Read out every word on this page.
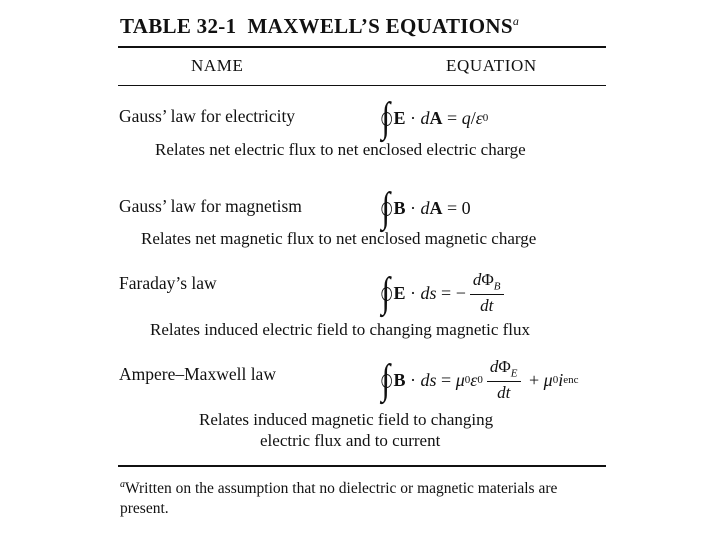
TABLE 32-1 MAXWELL’S EQUATIONS$^a$
NAME	EQUATION
Gauss’ law for electricity ∫ E · d A = q / ε 0
Relates net electric flux to net enclosed electric charge
Gauss’ law for magnetism ∫ B · d A = 0
Relates net magnetic flux to net enclosed magnetic charge
Faraday’s law	∫ E · ds = − $\frac{d\Phi_B}{dt}$
Relates induced electric field to changing magnetic flux
Ampere–Maxwell law	∫ B · ds = μ 0 ε $0 \frac{d\Phi_E}{dt} + \mu$ 0 i enc
Relates induced magnetic field to changing
electric flux and to current
$^a$Written on the assumption that no dielectric or magnetic materials are
present.
